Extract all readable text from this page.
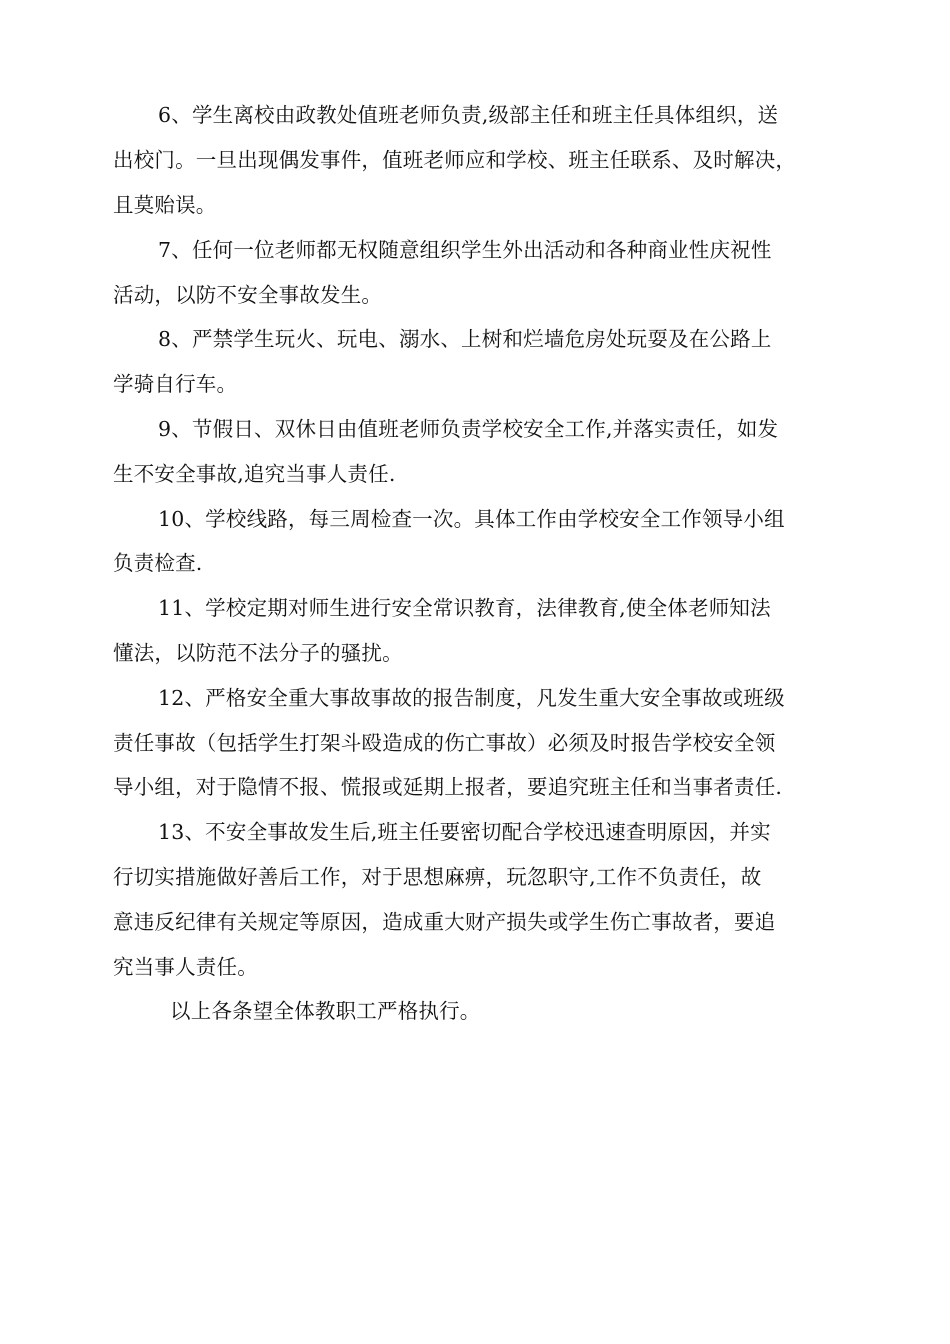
6、学生离校由政教处值班老师负责,级部主任和班主任具体组织，送
出校门。一旦出现偶发事件，值班老师应和学校、班主任联系、及时解决，
且莫贻误。
7、任何一位老师都无权随意组织学生外出活动和各种商业性庆祝性
活动，以防不安全事故发生。
8、严禁学生玩火、玩电、溺水、上树和烂墙危房处玩耍及在公路上
学骑自行车。
9、节假日、双休日由值班老师负责学校安全工作,并落实责任，如发
生不安全事故,追究当事人责任.
10、学校线路，每三周检查一次。具体工作由学校安全工作领导小组
负责检查.
11、学校定期对师生进行安全常识教育，法律教育,使全体老师知法
懂法，以防范不法分子的骚扰。
12、严格安全重大事故事故的报告制度，凡发生重大安全事故或班级
责任事故（包括学生打架斗殴造成的伤亡事故）必须及时报告学校安全领
导小组，对于隐情不报、慌报或延期上报者，要追究班主任和当事者责任.
13、不安全事故发生后,班主任要密切配合学校迅速查明原因，并实
行切实措施做好善后工作，对于思想麻痹，玩忽职守,工作不负责任，故
意违反纪律有关规定等原因，造成重大财产损失或学生伤亡事故者，要追
究当事人责任。
以上各条望全体教职工严格执行。
